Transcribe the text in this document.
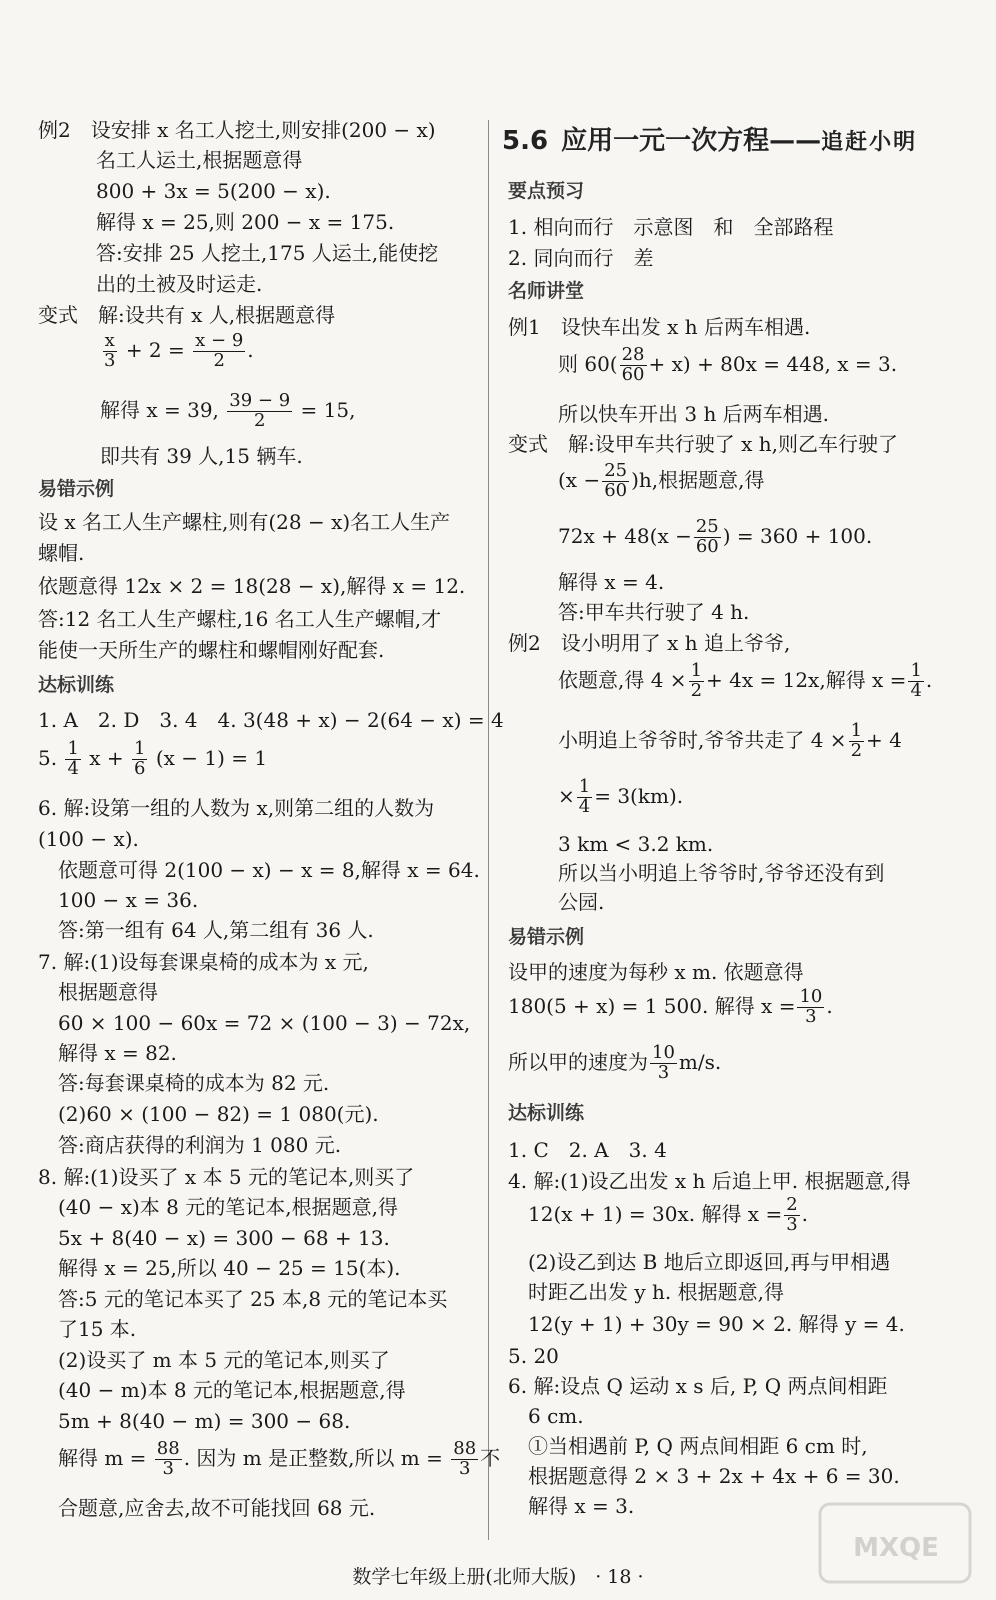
例2　设安排 x 名工人挖土,则安排(200 − x)
名工人运土,根据题意得
800 + 3x = 5(200 − x).
解得 x = 25,则 200 − x = 175.
答:安排 25 人挖土,175 人运土,能使挖
出的土被及时运走.
变式　解:设共有 x 人,根据题意得
$\frac{x}{3} + 2 = \frac{x - 9}{2}$ .
解得 x = 39, $\frac{39 - 9}{2} = 15$,
即共有 39 人,15 辆车.
易错示例
设 x 名工人生产螺柱,则有(28 − x)名工人生产
螺帽.
依题意得 12x × 2 = 18(28 − x),解得 x = 12.
答:12 名工人生产螺柱,16 名工人生产螺帽,才
能使一天所生产的螺柱和螺帽刚好配套.
达标训练
1. A　2. D　3. 4　4. 3(48 + x) − 2(64 − x) = 4
5. $\frac{1}{4}$ $x + \frac{1}{6} (x - 1) = 1$
6. 解:设第一组的人数为 x,则第二组的人数为
(100 − x).
依题意可得 2(100 − x) − x = 8,解得 x = 64.
100 − x = 36.
答:第一组有 64 人,第二组有 36 人.
7. 解:(1)设每套课桌椅的成本为 x 元,
根据题意得
60 × 100 − 60x = 72 × (100 − 3) − 72x,
解得 x = 82.
答:每套课桌椅的成本为 82 元.
(2)60 × (100 − 82) = 1 080(元).
答:商店获得的利润为 1 080 元.
8. 解:(1)设买了 x 本 5 元的笔记本,则买了
(40 − x)本 8 元的笔记本,根据题意,得
5x + 8(40 − x) = 300 − 68 + 13.
解得 x = 25,所以 40 − 25 = 15(本).
答:5 元的笔记本买了 25 本,8 元的笔记本买
了15 本.
(2)设买了 m 本 5 元的笔记本,则买了
(40 − m)本 8 元的笔记本,根据题意,得
5m + 8(40 − m) = 300 − 68.
解得 $m = \frac{88}{3}$ . 因为 m 是正整数,所以 $m = \frac{88}{3}$ 不
合题意,应舍去,故不可能找回 68 元.
5.6  应用一元一次方程——追赶小明
要点预习
1. 相向而行　示意图　和　全部路程
2. 同向而行　差
名师讲堂
例1　设快车出发 x h 后两车相遇.
则 $60( \frac{28}{60} + x) + 80x = 448$, x = 3.
所以快车开出 3 h 后两车相遇.
变式　解:设甲车共行驶了 x h,则乙车行驶了
$(x - \frac{25}{60} )h$,根据题意,得
$72x + 48(x - \frac{25}{60}$ ) = 360 + 100.
解得 x = 4.
答:甲车共行驶了 4 h.
例2　设小明用了 x h 追上爷爷,
依题意,得 $4 \times \frac{1}{2} + 4x = 12x$,解得 $x = \frac{1}{4}$ .
小明追上爷爷时,爷爷共走了 $4 \times \frac{1}{2} + 4$
× $\frac{1}{4} = 3(km)$.
3 km < 3.2 km.
所以当小明追上爷爷时,爷爷还没有到
公园.
易错示例
设甲的速度为每秒 x m. 依题意得
180(5 + x) = 1 500. 解得 $x = \frac{10}{3}$ .
所以甲的速度为 $\frac{10}{3} m/s$.
达标训练
1. C　2. A　3. 4
4. 解:(1)设乙出发 x h 后追上甲. 根据题意,得
12(x + 1) = 30x. 解得 $x = \frac{2}{3}$ .
(2)设乙到达 B 地后立即返回,再与甲相遇
时距乙出发 y h. 根据题意,得
12(y + 1) + 30y = 90 × 2. 解得 y = 4.
5. 20
6. 解:设点 Q 运动 x s 后, P, Q 两点间相距
6 cm.
①当相遇前 P, Q 两点间相距 6 cm 时,
根据题意得 2 × 3 + 2x + 4x + 6 = 30.
解得 x = 3.
数学七年级上册(北师大版)　· 18 ·
MXQE
